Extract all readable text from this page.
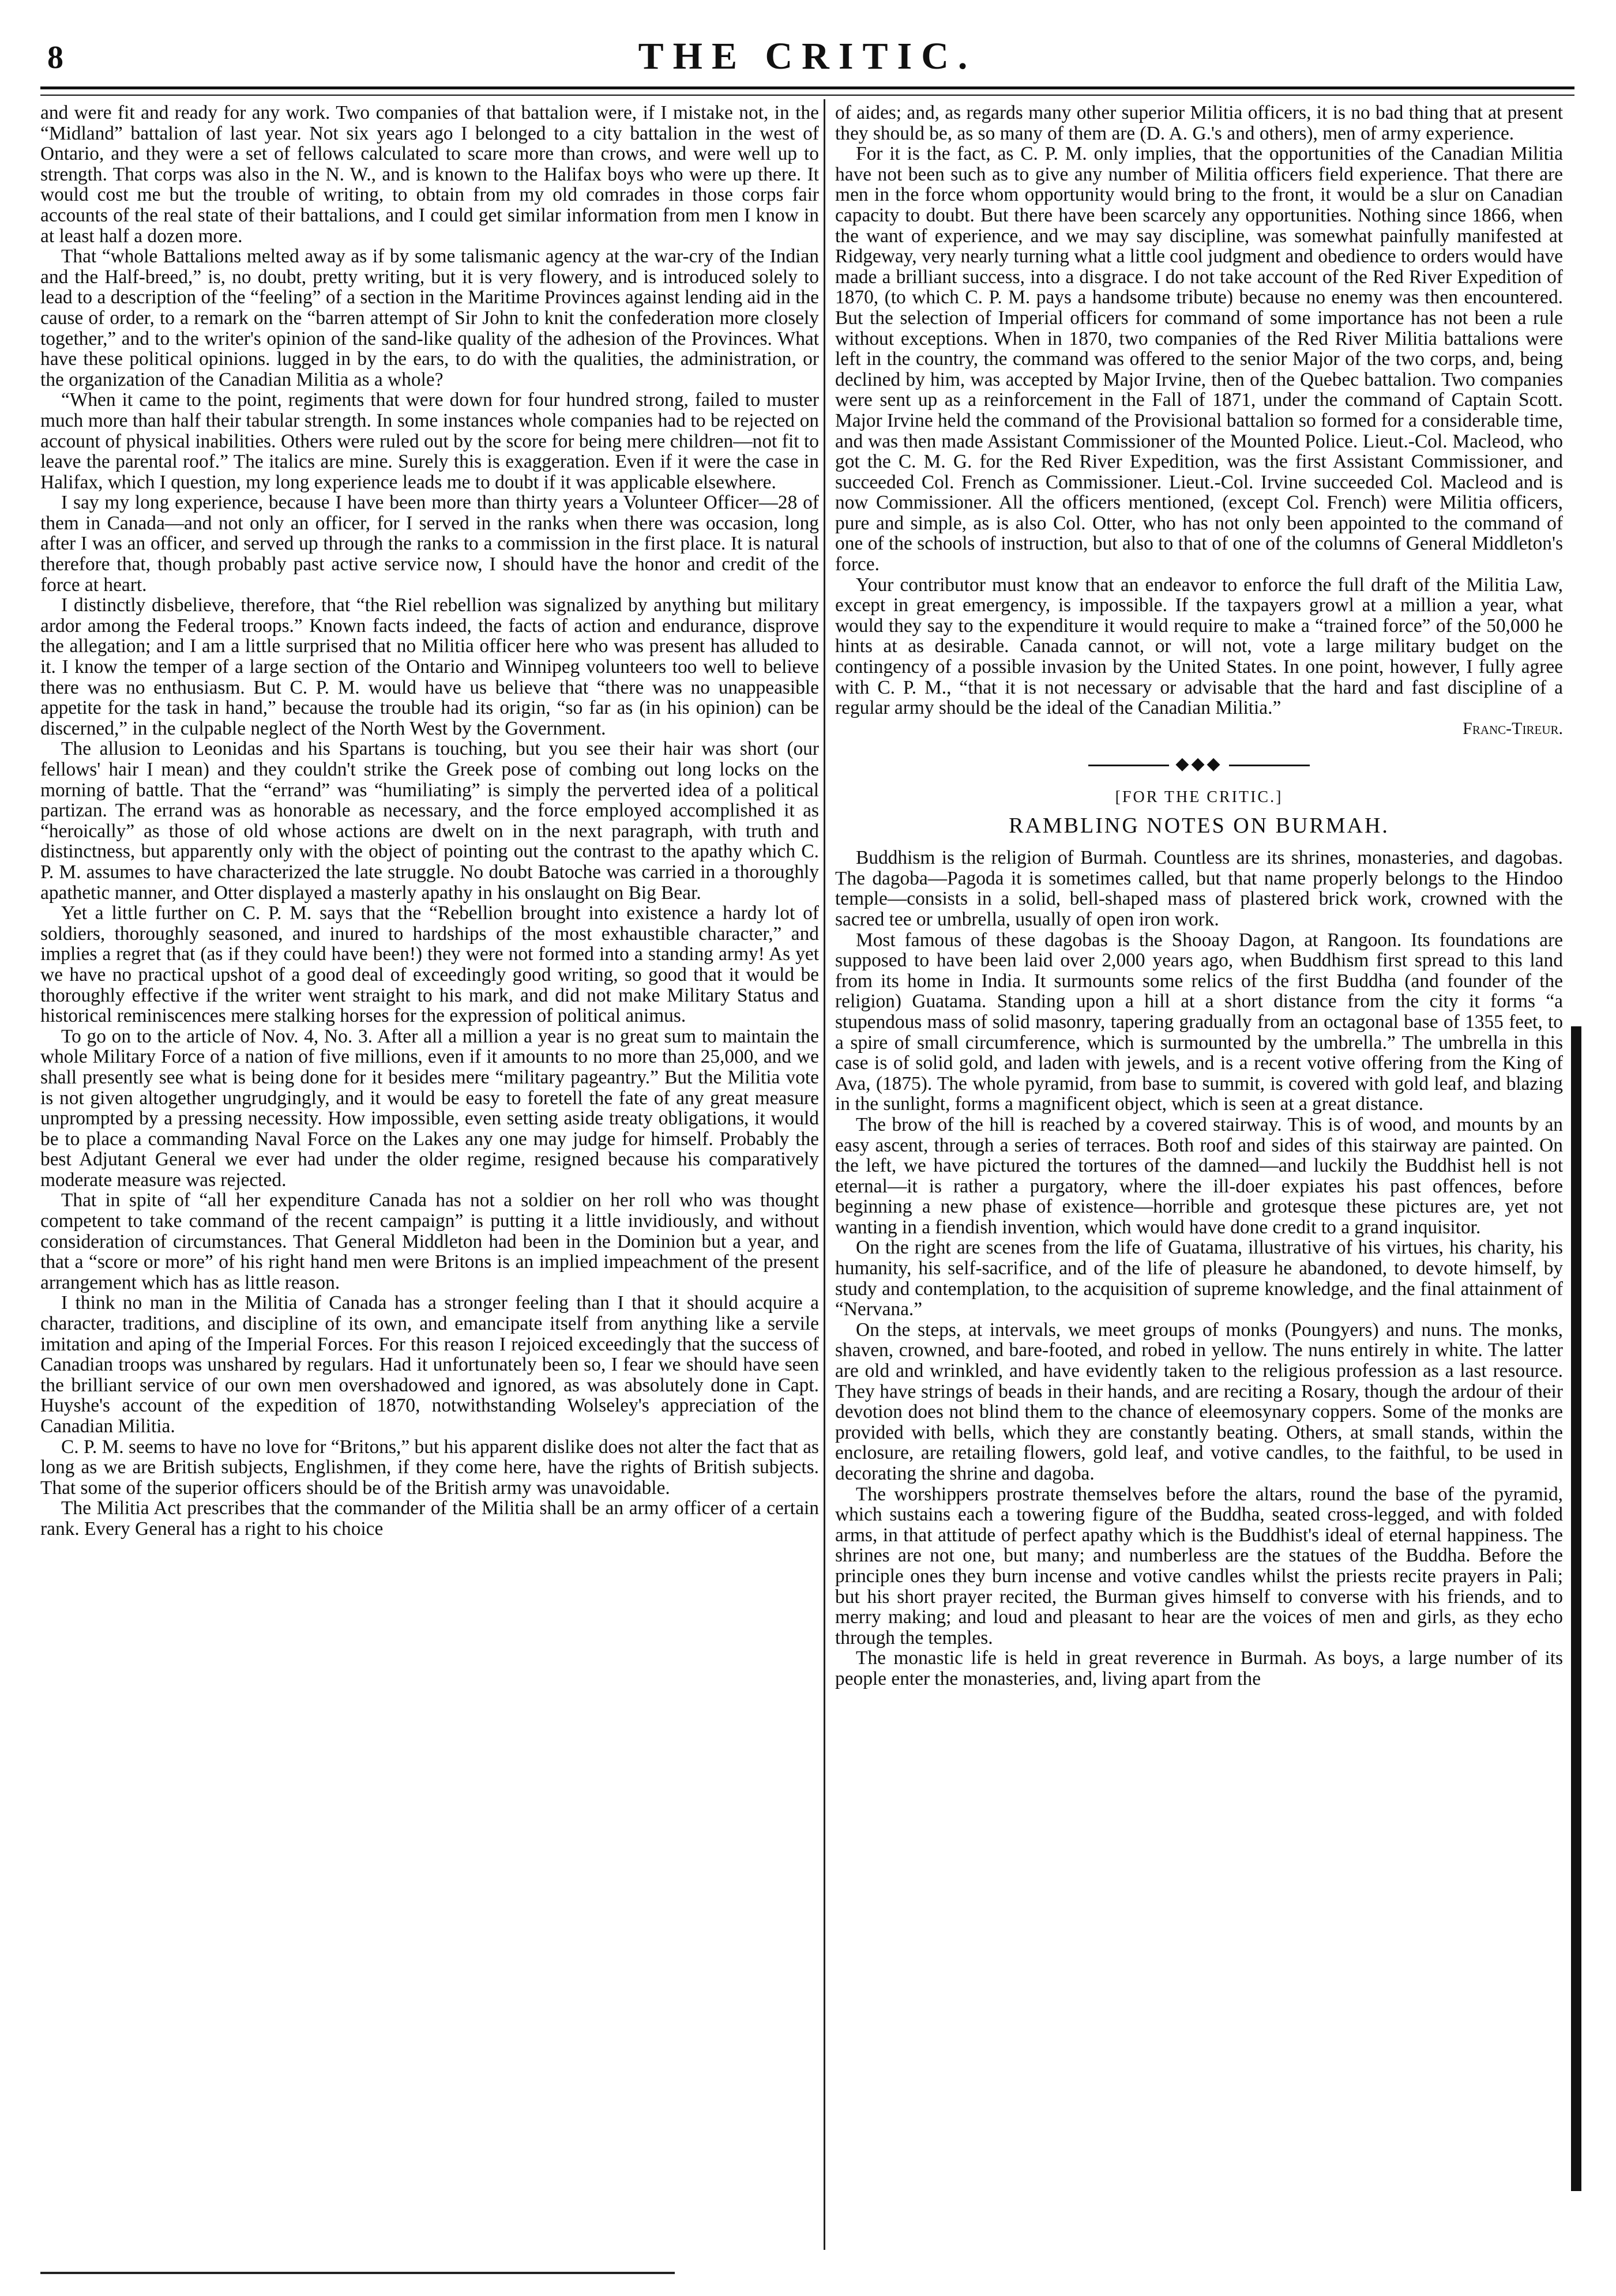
8	THE CRITIC.

and were fit and ready for any work. Two companies of that battalion were, if I mistake not, in the “Midland” battalion of last year. Not six years ago I belonged to a city battalion in the west of Ontario, and they were a set of fellows calculated to scare more than crows, and were well up to strength. That corps was also in the N. W., and is known to the Halifax boys who were up there. It would cost me but the trouble of writing, to obtain from my old comrades in those corps fair accounts of the real state of their battalions, and I could get similar information from men I know in at least half a dozen more.

That “whole Battalions melted away as if by some talismanic agency at the war-cry of the Indian and the Half-breed,” is, no doubt, pretty writing, but it is very flowery, and is introduced solely to lead to a description of the “feeling” of a section in the Maritime Provinces against lending aid in the cause of order, to a remark on the “barren attempt of Sir John to knit the confederation more closely together,” and to the writer's opinion of the sand-like quality of the adhesion of the Provinces. What have these political opinions. lugged in by the ears, to do with the qualities, the administration, or the organization of the Canadian Militia as a whole?

“When it came to the point, regiments that were down for four hundred strong, failed to muster much more than half their tabular strength. In some instances whole companies had to be rejected on account of physical inabilities. Others were ruled out by the score for being mere children—not fit to leave the parental roof.” The italics are mine. Surely this is exaggeration. Even if it were the case in Halifax, which I question, my long experience leads me to doubt if it was applicable elsewhere.

I say my long experience, because I have been more than thirty years a Volunteer Officer—28 of them in Canada—and not only an officer, for I served in the ranks when there was occasion, long after I was an officer, and served up through the ranks to a commission in the first place. It is natural therefore that, though probably past active service now, I should have the honor and credit of the force at heart.

I distinctly disbelieve, therefore, that “the Riel rebellion was signalized by anything but military ardor among the Federal troops.” Known facts indeed, the facts of action and endurance, disprove the allegation; and I am a little surprised that no Militia officer here who was present has alluded to it. I know the temper of a large section of the Ontario and Winnipeg volunteers too well to believe there was no enthusiasm. But C. P. M. would have us believe that “there was no unappeasible appetite for the task in hand,” because the trouble had its origin, “so far as (in his opinion) can be discerned,” in the culpable neglect of the North West by the Government.

The allusion to Leonidas and his Spartans is touching, but you see their hair was short (our fellows' hair I mean) and they couldn't strike the Greek pose of combing out long locks on the morning of battle. That the “errand” was “humiliating” is simply the perverted idea of a political partizan. The errand was as honorable as necessary, and the force employed accomplished it as “heroically” as those of old whose actions are dwelt on in the next paragraph, with truth and distinctness, but apparently only with the object of pointing out the contrast to the apathy which C. P. M. assumes to have characterized the late struggle. No doubt Batoche was carried in a thoroughly apathetic manner, and Otter displayed a masterly apathy in his onslaught on Big Bear.

Yet a little further on C. P. M. says that the “Rebellion brought into existence a hardy lot of soldiers, thoroughly seasoned, and inured to hardships of the most exhaustible character,” and implies a regret that (as if they could have been!) they were not formed into a standing army! As yet we have no practical upshot of a good deal of exceedingly good writing, so good that it would be thoroughly effective if the writer went straight to his mark, and did not make Military Status and historical reminiscences mere stalking horses for the expression of political animus.

To go on to the article of Nov. 4, No. 3. After all a million a year is no great sum to maintain the whole Military Force of a nation of five millions, even if it amounts to no more than 25,000, and we shall presently see what is being done for it besides mere “military pageantry.” But the Militia vote is not given altogether ungrudgingly, and it would be easy to foretell the fate of any great measure unprompted by a pressing necessity. How impossible, even setting aside treaty obligations, it would be to place a commanding Naval Force on the Lakes any one may judge for himself. Probably the best Adjutant General we ever had under the older regime, resigned because his comparatively moderate measure was rejected.

That in spite of “all her expenditure Canada has not a soldier on her roll who was thought competent to take command of the recent campaign” is putting it a little invidiously, and without consideration of circumstances. That General Middleton had been in the Dominion but a year, and that a “score or more” of his right hand men were Britons is an implied impeachment of the present arrangement which has as little reason.

I think no man in the Militia of Canada has a stronger feeling than I that it should acquire a character, traditions, and discipline of its own, and emancipate itself from anything like a servile imitation and aping of the Imperial Forces. For this reason I rejoiced exceedingly that the success of Canadian troops was unshared by regulars. Had it unfortunately been so, I fear we should have seen the brilliant service of our own men overshadowed and ignored, as was absolutely done in Capt. Huyshe's account of the expedition of 1870, notwithstanding Wolseley's appreciation of the Canadian Militia.

C. P. M. seems to have no love for “Britons,” but his apparent dislike does not alter the fact that as long as we are British subjects, Englishmen, if they come here, have the rights of British subjects. That some of the superior officers should be of the British army was unavoidable.

The Militia Act prescribes that the commander of the Militia shall be an army officer of a certain rank. Every General has a right to his choice

of aides; and, as regards many other superior Militia officers, it is no bad thing that at present they should be, as so many of them are (D. A. G.'s and others), men of army experience.

For it is the fact, as C. P. M. only implies, that the opportunities of the Canadian Militia have not been such as to give any number of Militia officers field experience. That there are men in the force whom opportunity would bring to the front, it would be a slur on Canadian capacity to doubt. But there have been scarcely any opportunities. Nothing since 1866, when the want of experience, and we may say discipline, was somewhat painfully manifested at Ridgeway, very nearly turning what a little cool judgment and obedience to orders would have made a brilliant success, into a disgrace. I do not take account of the Red River Expedition of 1870, (to which C. P. M. pays a handsome tribute) because no enemy was then encountered. But the selection of Imperial officers for command of some importance has not been a rule without exceptions. When in 1870, two companies of the Red River Militia battalions were left in the country, the command was offered to the senior Major of the two corps, and, being declined by him, was accepted by Major Irvine, then of the Quebec battalion. Two companies were sent up as a reinforcement in the Fall of 1871, under the command of Captain Scott. Major Irvine held the command of the Provisional battalion so formed for a considerable time, and was then made Assistant Commissioner of the Mounted Police. Lieut.-Col. Macleod, who got the C. M. G. for the Red River Expedition, was the first Assistant Commissioner, and succeeded Col. French as Commissioner. Lieut.-Col. Irvine succeeded Col. Macleod and is now Commissioner. All the officers mentioned, (except Col. French) were Militia officers, pure and simple, as is also Col. Otter, who has not only been appointed to the command of one of the schools of instruction, but also to that of one of the columns of General Middleton's force.

Your contributor must know that an endeavor to enforce the full draft of the Militia Law, except in great emergency, is impossible. If the taxpayers growl at a million a year, what would they say to the expenditure it would require to make a “trained force” of the 50,000 he hints at as desirable. Canada cannot, or will not, vote a large military budget on the contingency of a possible invasion by the United States. In one point, however, I fully agree with C. P. M., “that it is not necessary or advisable that the hard and fast discipline of a regular army should be the ideal of the Canadian Militia.”

Franc-Tireur.

◆◆◆
[FOR THE CRITIC.]
RAMBLING NOTES ON BURMAH.

Buddhism is the religion of Burmah. Countless are its shrines, monasteries, and dagobas. The dagoba—Pagoda it is sometimes called, but that name properly belongs to the Hindoo temple—consists in a solid, bell-shaped mass of plastered brick work, crowned with the sacred tee or umbrella, usually of open iron work.

Most famous of these dagobas is the Shooay Dagon, at Rangoon. Its foundations are supposed to have been laid over 2,000 years ago, when Buddhism first spread to this land from its home in India. It surmounts some relics of the first Buddha (and founder of the religion) Guatama. Standing upon a hill at a short distance from the city it forms “a stupendous mass of solid masonry, tapering gradually from an octagonal base of 1355 feet, to a spire of small circumference, which is surmounted by the umbrella.” The umbrella in this case is of solid gold, and laden with jewels, and is a recent votive offering from the King of Ava, (1875). The whole pyramid, from base to summit, is covered with gold leaf, and blazing in the sunlight, forms a magnificent object, which is seen at a great distance.

The brow of the hill is reached by a covered stairway. This is of wood, and mounts by an easy ascent, through a series of terraces. Both roof and sides of this stairway are painted. On the left, we have pictured the tortures of the damned—and luckily the Buddhist hell is not eternal—it is rather a purgatory, where the ill-doer expiates his past offences, before beginning a new phase of existence—horrible and grotesque these pictures are, yet not wanting in a fiendish invention, which would have done credit to a grand inquisitor.

On the right are scenes from the life of Guatama, illustrative of his virtues, his charity, his humanity, his self-sacrifice, and of the life of pleasure he abandoned, to devote himself, by study and contemplation, to the acquisition of supreme knowledge, and the final attainment of “Nervana.”

On the steps, at intervals, we meet groups of monks (Poungyers) and nuns. The monks, shaven, crowned, and bare-footed, and robed in yellow. The nuns entirely in white. The latter are old and wrinkled, and have evidently taken to the religious profession as a last resource. They have strings of beads in their hands, and are reciting a Rosary, though the ardour of their devotion does not blind them to the chance of eleemosynary coppers. Some of the monks are provided with bells, which they are constantly beating. Others, at small stands, within the enclosure, are retailing flowers, gold leaf, and votive candles, to the faithful, to be used in decorating the shrine and dagoba.

The worshippers prostrate themselves before the altars, round the base of the pyramid, which sustains each a towering figure of the Buddha, seated cross-legged, and with folded arms, in that attitude of perfect apathy which is the Buddhist's ideal of eternal happiness. The shrines are not one, but many; and numberless are the statues of the Buddha. Before the principle ones they burn incense and votive candles whilst the priests recite prayers in Pali; but his short prayer recited, the Burman gives himself to converse with his friends, and to merry making; and loud and pleasant to hear are the voices of men and girls, as they echo through the temples.

The monastic life is held in great reverence in Burmah. As boys, a large number of its people enter the monasteries, and, living apart from the
